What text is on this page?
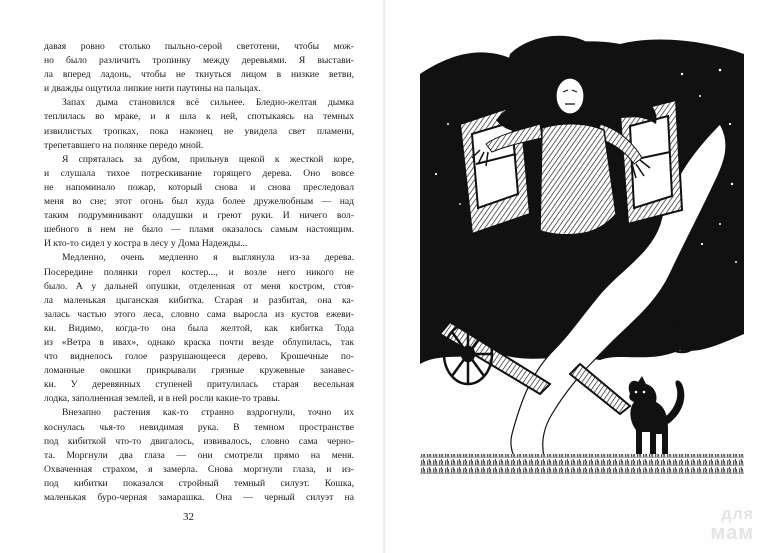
давая ровно столько пыльно-серой светотени, чтобы мож-
но было различить тропинку между деревьями. Я выстави-
ла вперед ладонь, чтобы не ткнуться лицом в низкие ветви,
и дважды ощутила липкие нити паутины на пальцах.

Запах дыма становился всё сильнее. Бледно-желтая дымка
теплилась во мраке, и я шла к ней, спотыкаясь на темных
извилистых тропках, пока наконец не увидела свет пламени,
трепетавшего на полянке передо мной.

Я спряталась за дубом, прильнув щекой к жесткой коре,
и слушала тихое потрескивание горящего дерева. Оно вовсе
не напоминало пожар, который снова и снова преследовал
меня во сне; этот огонь был куда более дружелюбным — над
таким подрумянивают оладушки и греют руки. И ничего вол-
шебного в нем не было — пламя оказалось самым настоящим.
И кто-то сидел у костра в лесу у Дома Надежды...

Медленно, очень медленно я выглянула из-за дерева.
Посередине полянки горел костер..., и возле него никого не
было. А у дальней опушки, отделенная от меня костром, стоя-
ла маленькая цыганская кибитка. Старая и разбитая, она ка-
залась частью этого леса, словно сама выросла из кустов ежеви-
ки. Видимо, когда-то она была желтой, как кибитка Тода
из «Ветра в ивах», однако краска почти везде облупилась, так
что виднелось голое разрушающееся дерево. Крошечные по-
ломанные окошки прикрывали грязные кружевные занавес-
ки. У деревянных ступеней притулилась старая весельная
лодка, заполненная землей, и в ней росли какие-то травы.

Внезапно растения как-то странно вздрогнули, точно их
коснулась чья-то невидимая рука. В темном пространстве
под кибиткой что-то двигалось, извивалось, словно сама черно-
та. Моргнули два глаза — они смотрели прямо на меня.
Охваченная страхом, я замерла. Снова моргнули глаза, и из-
под кибитки показался стройный темный силуэт. Кошка,
маленькая буро-черная замарашка. Она — черный силуэт на

32	для
мам
